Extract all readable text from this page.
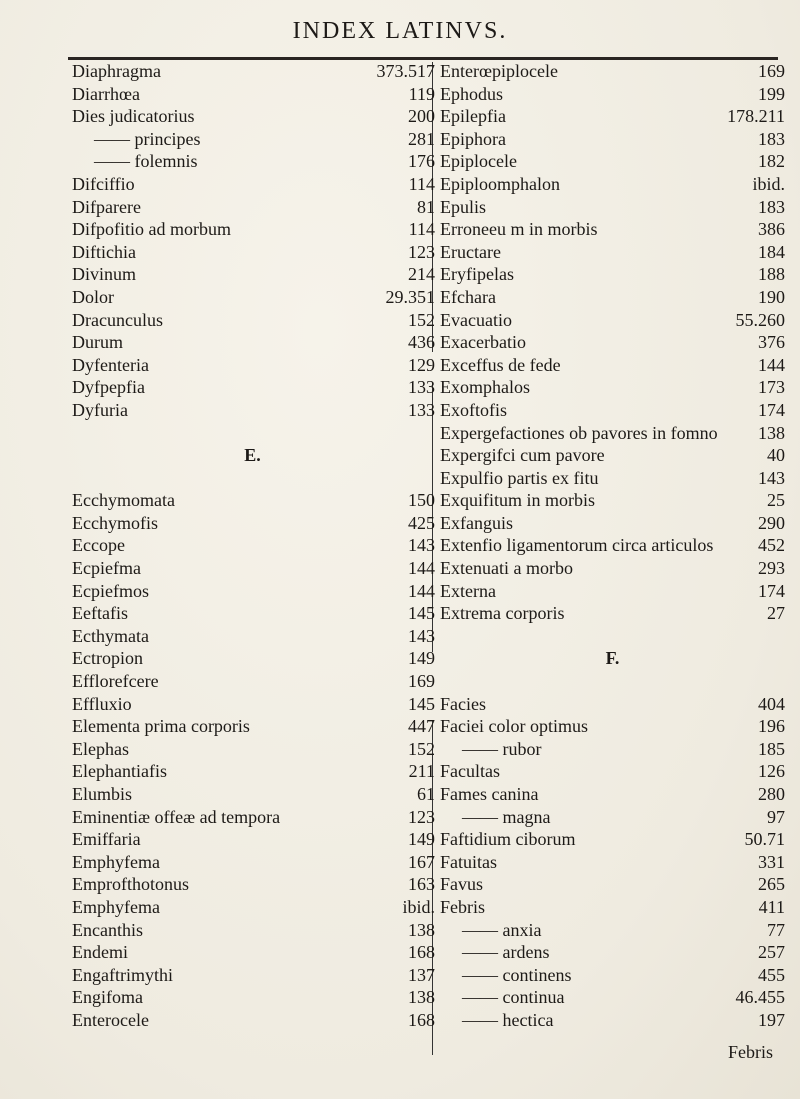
INDEX LATINVS.
Diaphragma	373.517
Diarrhœa	119
Dies judicatorius	200
—— principes	281
—— folemnis	176
Difciffio	114
Difparere	81
Difpofitio ad morbum	114
Diftichia	123
Divinum	214
Dolor	29.351
Dracunculus	152
Durum	436
Dyfenteria	129
Dyfpepfia	133
Dyfuria	133
E.
Ecchymomata	150
Ecchymofis	425
Eccope	143
Ecpiefma	144
Ecpiefmos	144
Eeftafis	145
Ecthymata	143
Ectropion	149
Efflorefcere	169
Effluxio	145
Elementa prima corporis	447
Elephas	152
Elephantiafis	211
Elumbis	61
Eminentiæ offeæ ad tempora	123
Emiffaria	149
Emphyfema	167
Emprofthotonus	163
Emphyfema	ibid.
Encanthis	138
Endemi	168
Engaftrimythi	137
Engifoma	138
Enterocele	168
Enterœpiplocele	169
Ephodus	199
Epilepfia	178.211
Epiphora	183
Epiplocele	182
Epiploomphalon	ibid.
Epulis	183
Erroneeu m in morbis	386
Eructare	184
Eryfipelas	188
Efchara	190
Evacuatio	55.260
Exacerbatio	376
Exceffus de fede	144
Exomphalos	173
Exoftofis	174
Expergefactiones ob pavores in fomno 138
Expergifci cum pavore	40
Expulfio partis ex fitu	143
Exquifitum in morbis	25
Exfanguis	290
Extenfio ligamentorum circa articulos 452
Extenuati a morbo	293
Externa	174
Extrema corporis	27
F.
Facies	404
Faciei color optimus	196
—— rubor	185
Facultas	126
Fames canina	280
—— magna	97
Faftidium ciborum	50.71
Fatuitas	331
Favus	265
Febris	411
—— anxia	77
—— ardens	257
—— continens	455
—— continua	46.455
—— hectica	197
Febris
